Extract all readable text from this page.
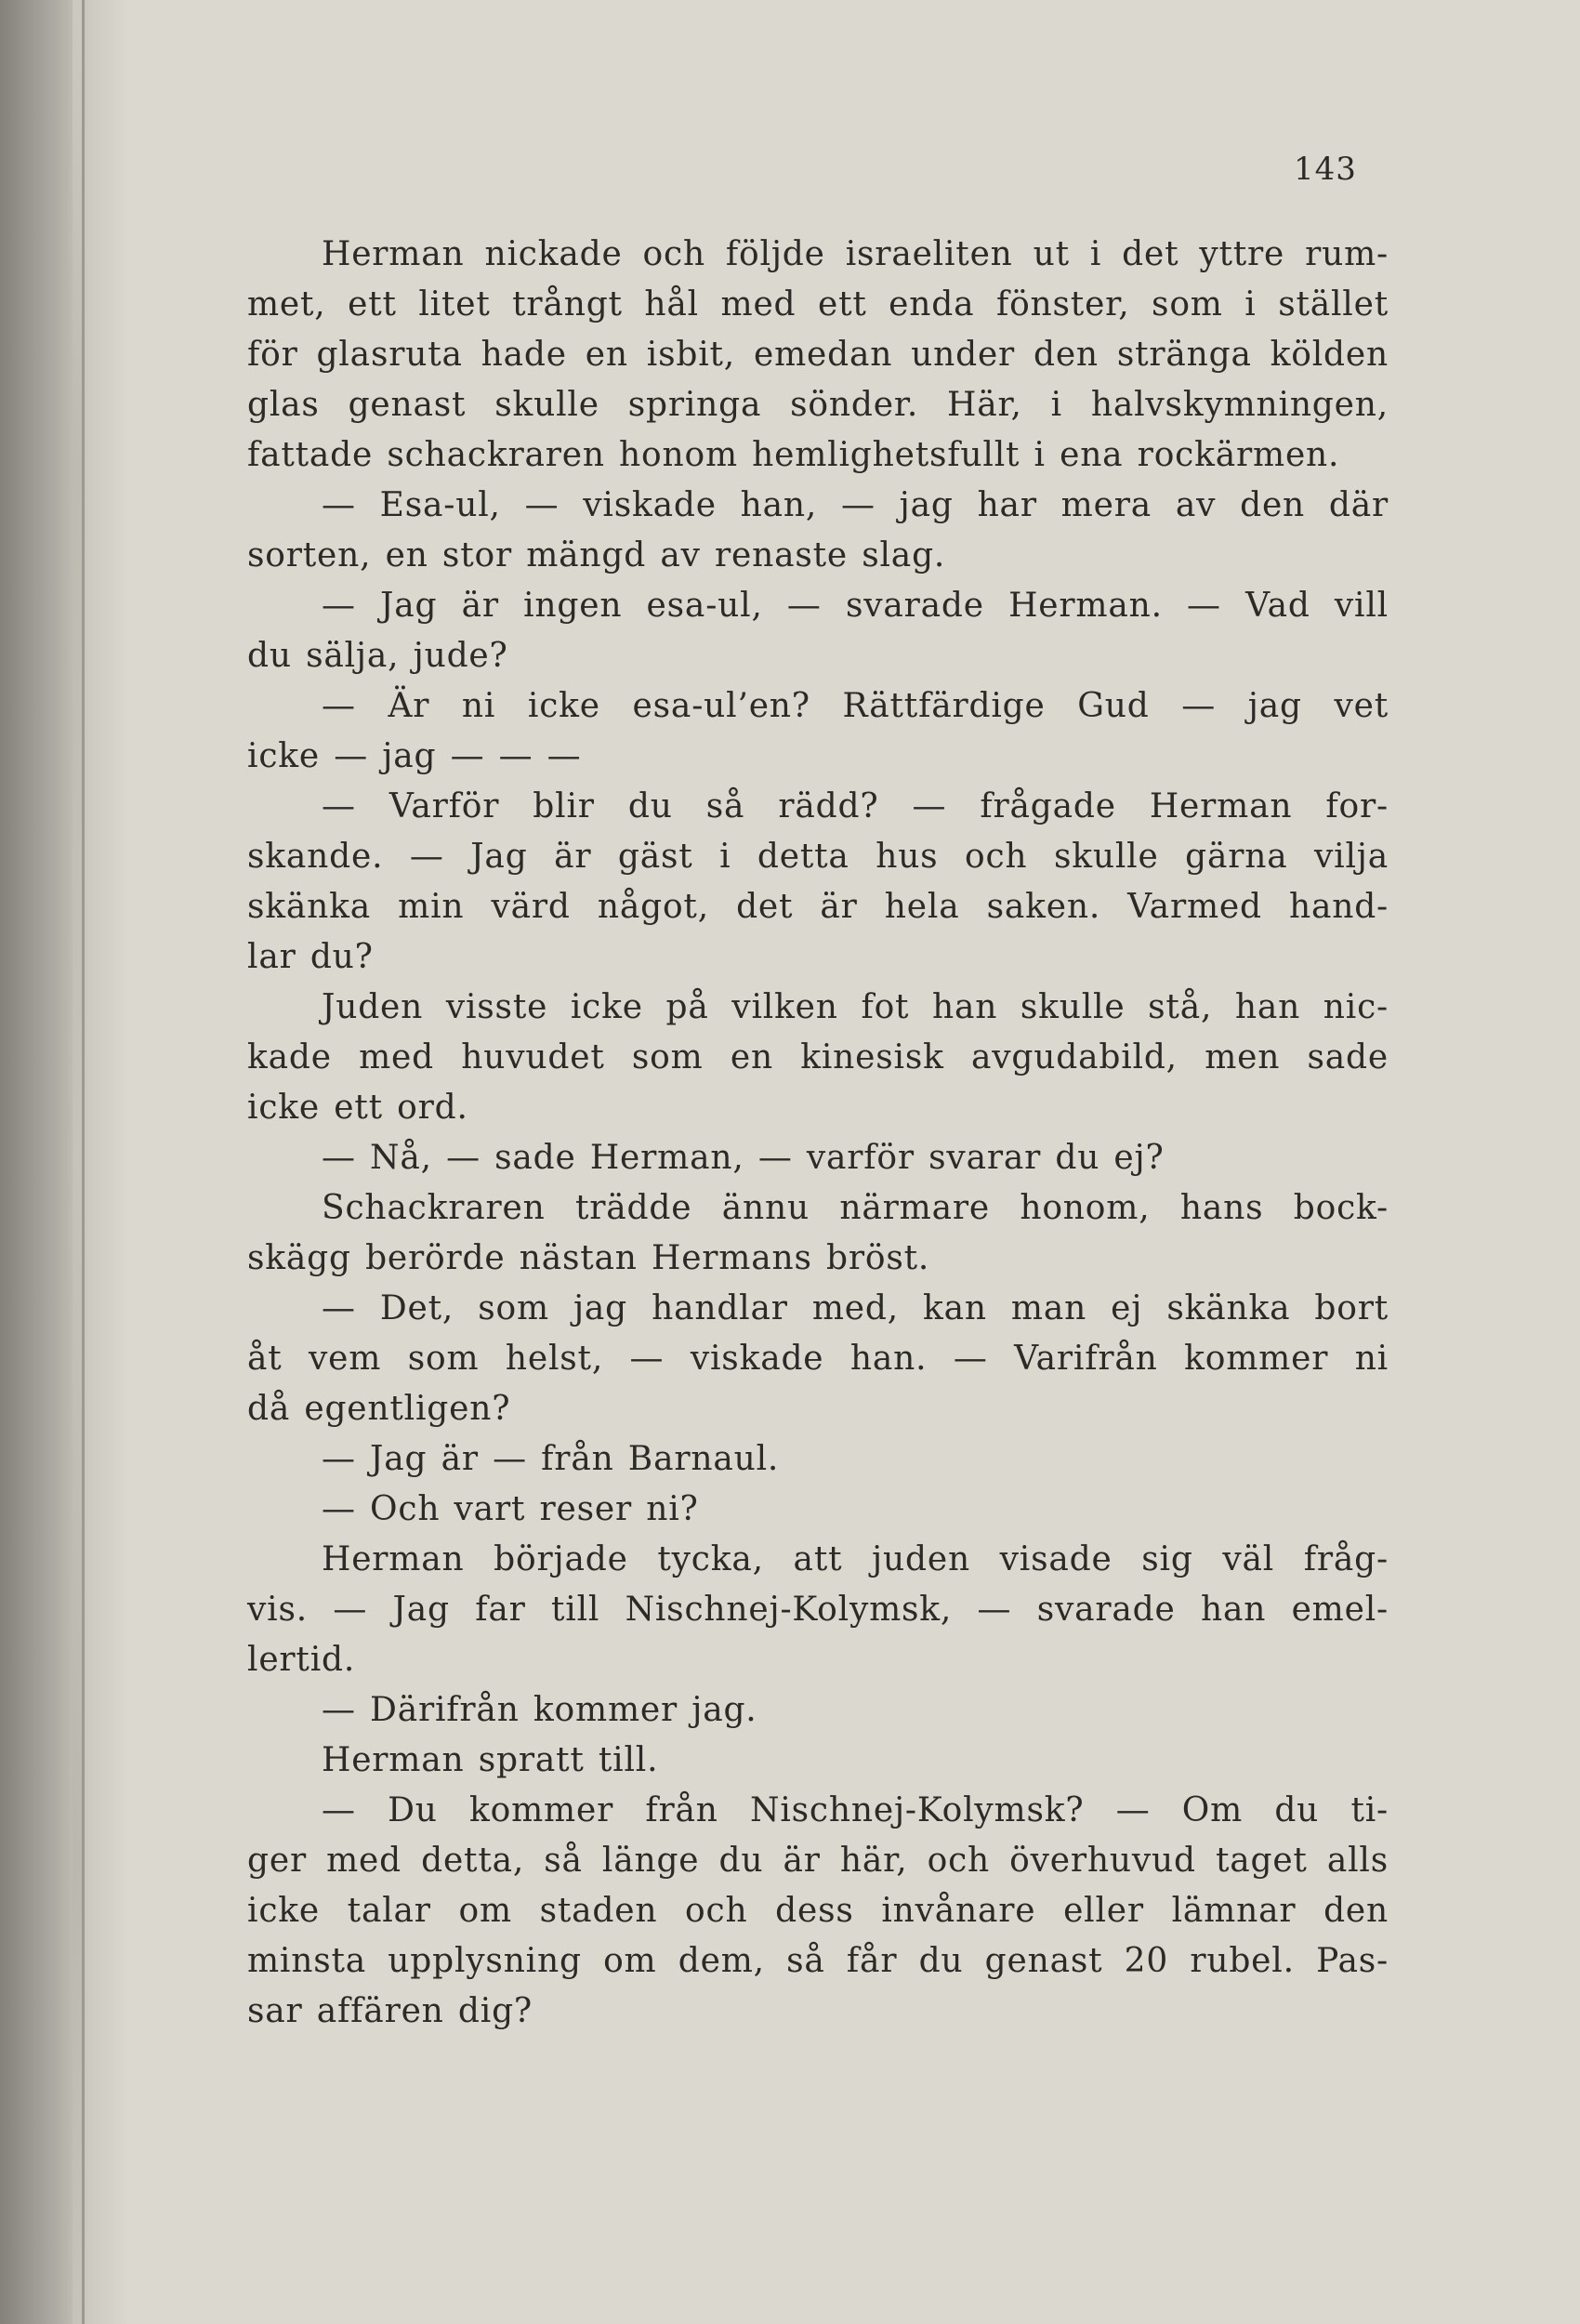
143
Herman nickade och följde israeliten ut i det yttre rum-
met, ett litet trångt hål med ett enda fönster, som i stället
för glasruta hade en isbit, emedan under den stränga kölden
glas genast skulle springa sönder. Här, i halvskymningen,
fattade schackraren honom hemlighetsfullt i ena rockärmen.
— Esa-ul, — viskade han, — jag har mera av den där
sorten, en stor mängd av renaste slag.
— Jag är ingen esa-ul, — svarade Herman. — Vad vill
du sälja, jude?
— Är ni icke esa-ul’en? Rättfärdige Gud — jag vet
icke — jag — — —
— Varför blir du så rädd? — frågade Herman for-
skande. — Jag är gäst i detta hus och skulle gärna vilja
skänka min värd något, det är hela saken. Varmed hand-
lar du?
Juden visste icke på vilken fot han skulle stå, han nic-
kade med huvudet som en kinesisk avgudabild, men sade
icke ett ord.
— Nå, — sade Herman, — varför svarar du ej?
Schackraren trädde ännu närmare honom, hans bock-
skägg berörde nästan Hermans bröst.
— Det, som jag handlar med, kan man ej skänka bort
åt vem som helst, — viskade han. — Varifrån kommer ni
då egentligen?
— Jag är — från Barnaul.
— Och vart reser ni?
Herman började tycka, att juden visade sig väl fråg-
vis. — Jag far till Nischnej-Kolymsk, — svarade han emel-
lertid.
— Därifrån kommer jag.
Herman spratt till.
— Du kommer från Nischnej-Kolymsk? — Om du ti-
ger med detta, så länge du är här, och överhuvud taget alls
icke talar om staden och dess invånare eller lämnar den
minsta upplysning om dem, så får du genast 20 rubel. Pas-
sar affären dig?
